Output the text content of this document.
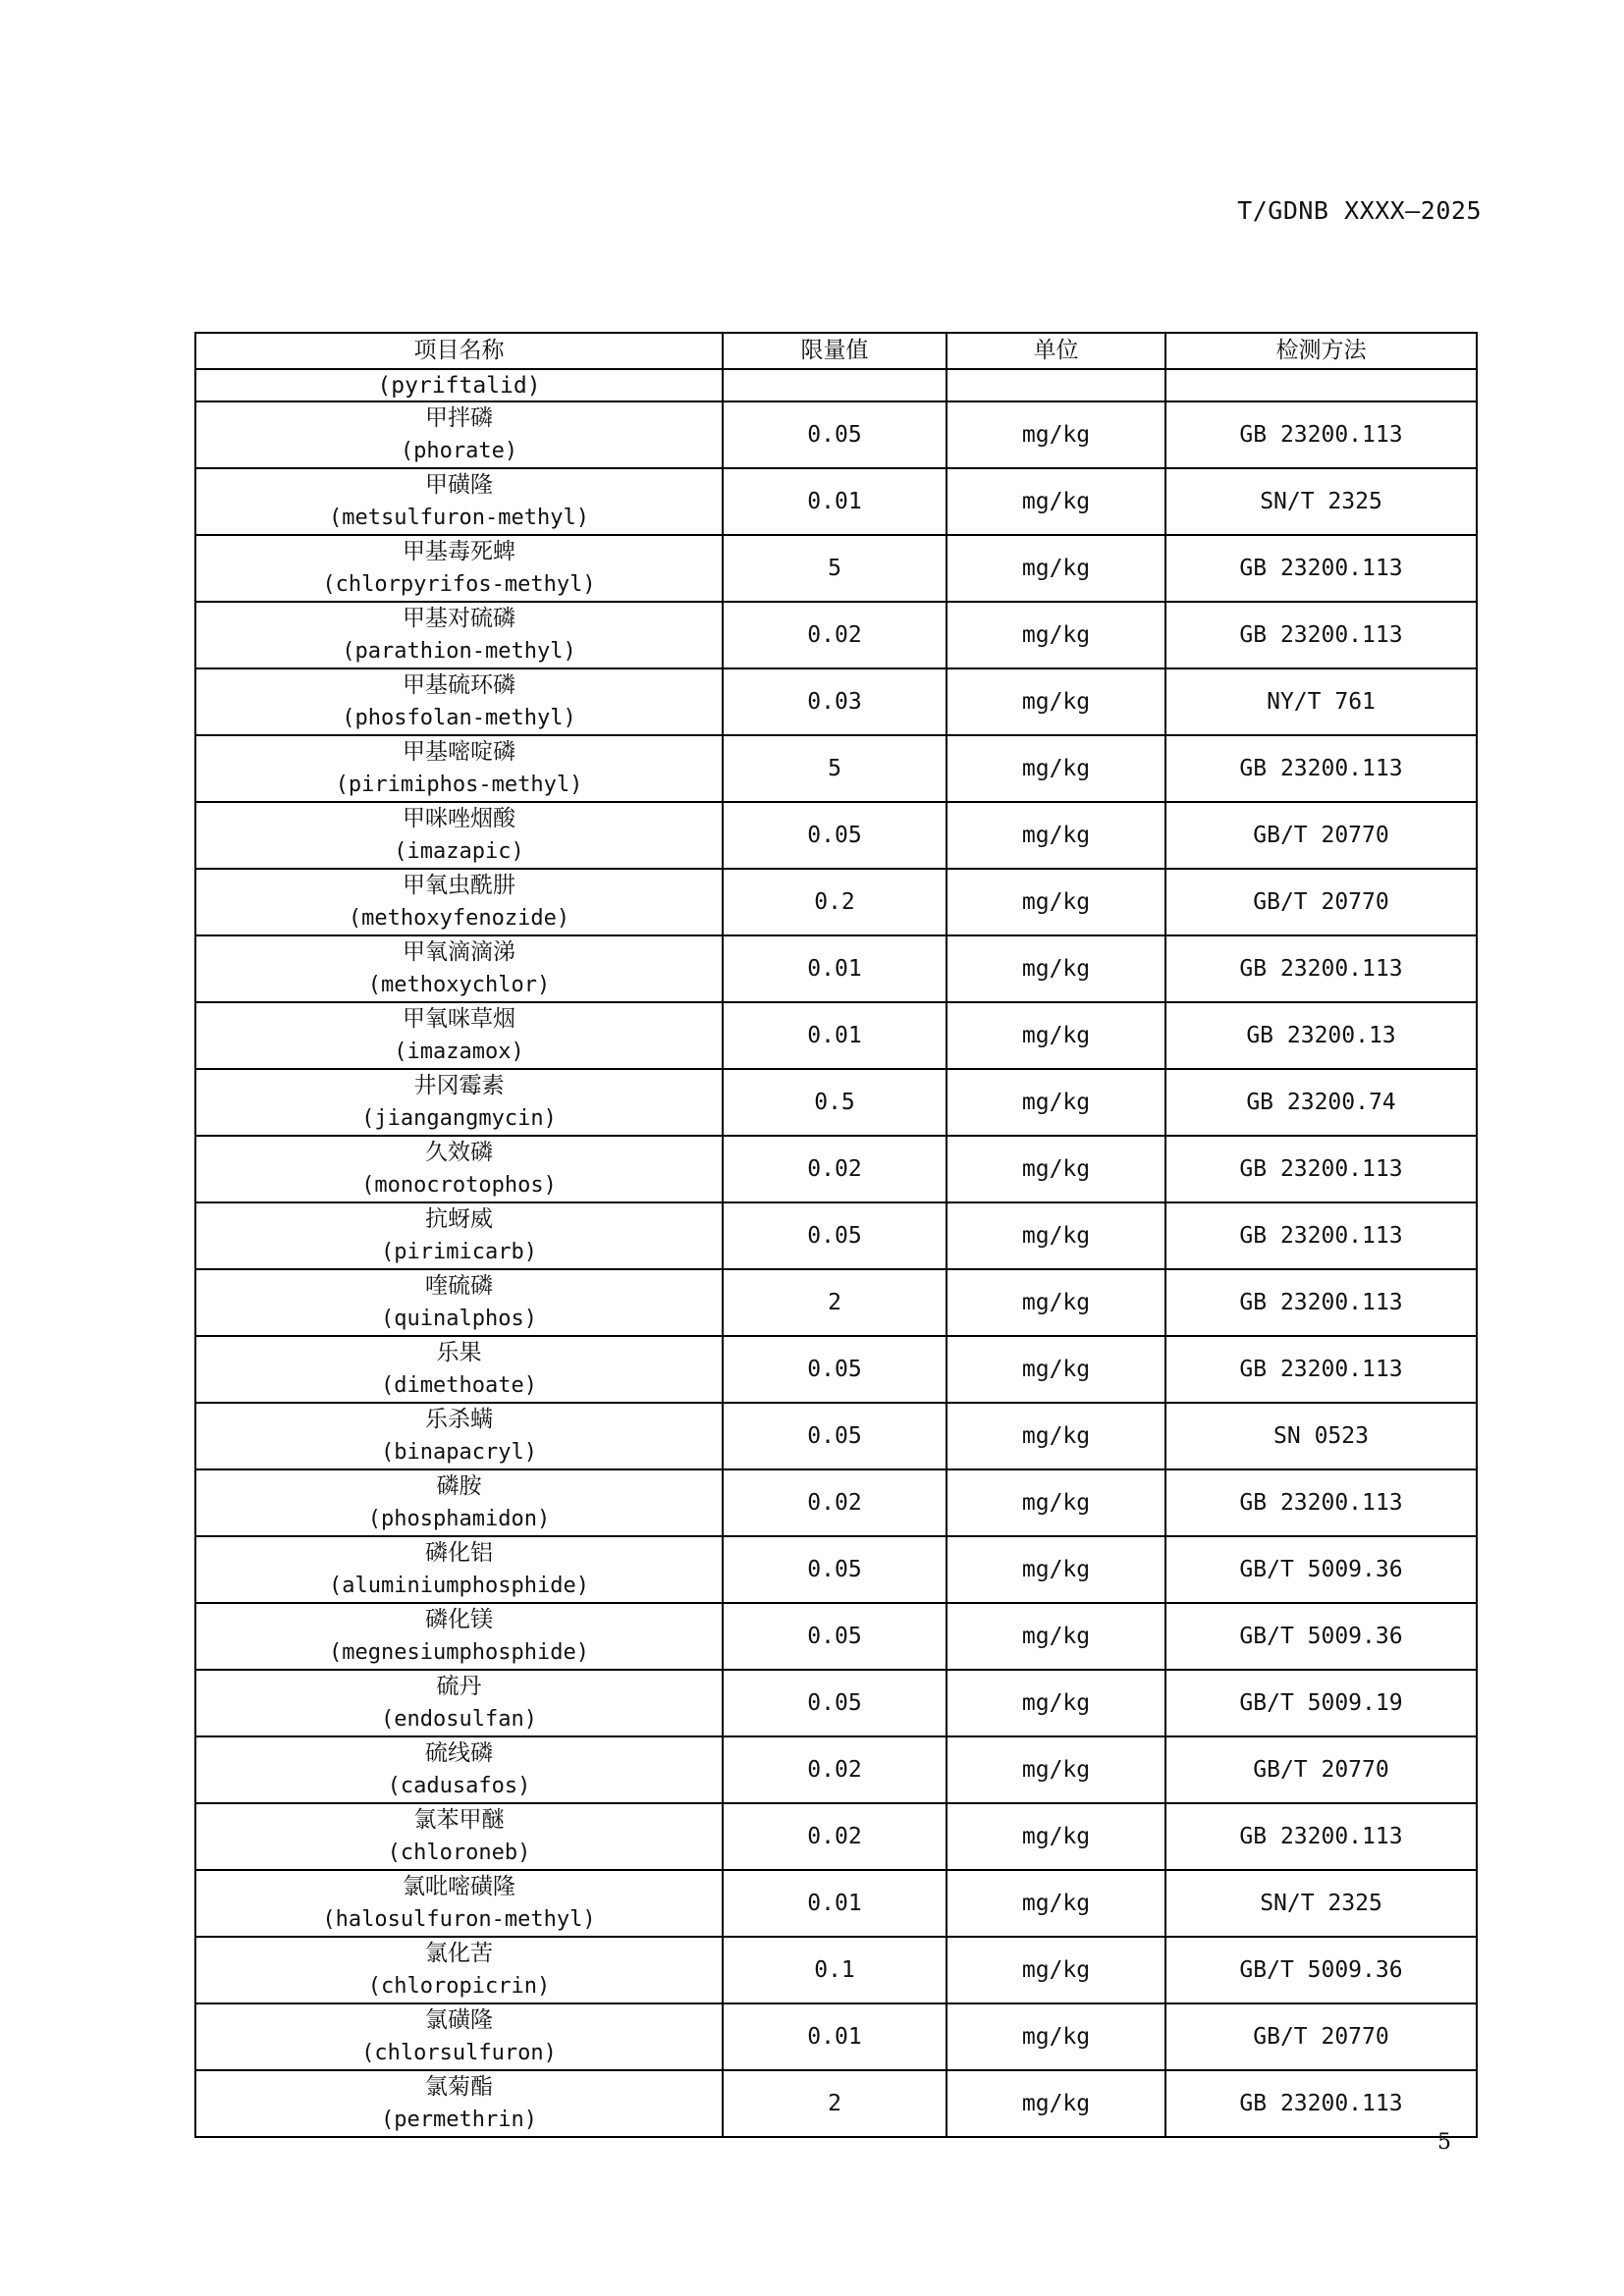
T/GDNB XXXX—2025
项目名称	限量值	单位	检测方法
(pyriftalid)			

甲拌磷
(phorate)	0.05	mg/kg	GB 23200.113

甲磺隆
(metsulfuron-methyl)	0.01	mg/kg	SN/T 2325

甲基毒死蜱
(chlorpyrifos-methyl)	5	mg/kg	GB 23200.113

甲基对硫磷
(parathion-methyl)	0.02	mg/kg	GB 23200.113

甲基硫环磷
(phosfolan-methyl)	0.03	mg/kg	NY/T 761

甲基嘧啶磷
(pirimiphos-methyl)	5	mg/kg	GB 23200.113

甲咪唑烟酸
(imazapic)	0.05	mg/kg	GB/T 20770

甲氧虫酰肼
(methoxyfenozide)	0.2	mg/kg	GB/T 20770

甲氧滴滴涕
(methoxychlor)	0.01	mg/kg	GB 23200.113

甲氧咪草烟
(imazamox)	0.01	mg/kg	GB 23200.13

井冈霉素
(jiangangmycin)	0.5	mg/kg	GB 23200.74

久效磷
(monocrotophos)	0.02	mg/kg	GB 23200.113

抗蚜威
(pirimicarb)	0.05	mg/kg	GB 23200.113

喹硫磷
(quinalphos)	2	mg/kg	GB 23200.113

乐果
(dimethoate)	0.05	mg/kg	GB 23200.113

乐杀螨
(binapacryl)	0.05	mg/kg	SN 0523

磷胺
(phosphamidon)	0.02	mg/kg	GB 23200.113

磷化铝
(aluminiumphosphide)	0.05	mg/kg	GB/T 5009.36

磷化镁
(megnesiumphosphide)	0.05	mg/kg	GB/T 5009.36

硫丹
(endosulfan)	0.05	mg/kg	GB/T 5009.19

硫线磷
(cadusafos)	0.02	mg/kg	GB/T 20770

氯苯甲醚
(chloroneb)	0.02	mg/kg	GB 23200.113

氯吡嘧磺隆
(halosulfuron-methyl)	0.01	mg/kg	SN/T 2325

氯化苦
(chloropicrin)	0.1	mg/kg	GB/T 5009.36

氯磺隆
(chlorsulfuron)	0.01	mg/kg	GB/T 20770

氯菊酯
(permethrin)	2	mg/kg	GB 23200.113
5
